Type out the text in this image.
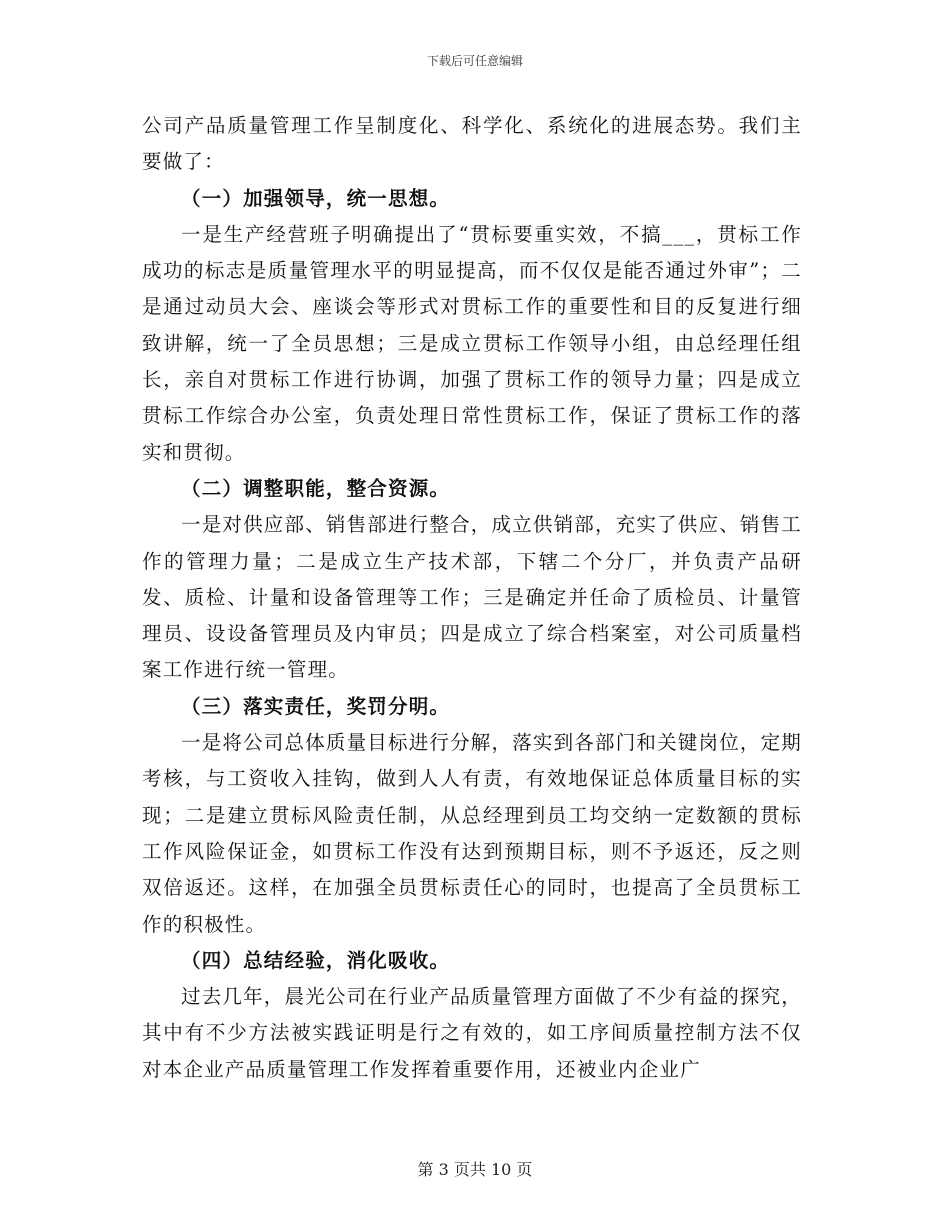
下载后可任意编辑

公司产品质量管理工作呈制度化、科学化、系统化的进展态势。我们主要做了：

（一）加强领导，统一思想。

一是生产经营班子明确提出了“贯标要重实效，不搞___，贯标工作成功的标志是质量管理水平的明显提高，而不仅仅是能否通过外审”；二是通过动员大会、座谈会等形式对贯标工作的重要性和目的反复进行细致讲解，统一了全员思想；三是成立贯标工作领导小组，由总经理任组长，亲自对贯标工作进行协调，加强了贯标工作的领导力量；四是成立贯标工作综合办公室，负责处理日常性贯标工作，保证了贯标工作的落实和贯彻。

（二）调整职能，整合资源。

一是对供应部、销售部进行整合，成立供销部，充实了供应、销售工作的管理力量；二是成立生产技术部，下辖二个分厂，并负责产品研发、质检、计量和设备管理等工作；三是确定并任命了质检员、计量管理员、设设备管理员及内审员；四是成立了综合档案室，对公司质量档案工作进行统一管理。

（三）落实责任，奖罚分明。

一是将公司总体质量目标进行分解，落实到各部门和关键岗位，定期考核，与工资收入挂钩，做到人人有责，有效地保证总体质量目标的实现；二是建立贯标风险责任制，从总经理到员工均交纳一定数额的贯标工作风险保证金，如贯标工作没有达到预期目标，则不予返还，反之则双倍返还。这样，在加强全员贯标责任心的同时，也提高了全员贯标工作的积极性。

（四）总结经验，消化吸收。

过去几年，晨光公司在行业产品质量管理方面做了不少有益的探究，其中有不少方法被实践证明是行之有效的，如工序间质量控制方法不仅对本企业产品质量管理工作发挥着重要作用，还被业内企业广

第 3 页共 10 页
